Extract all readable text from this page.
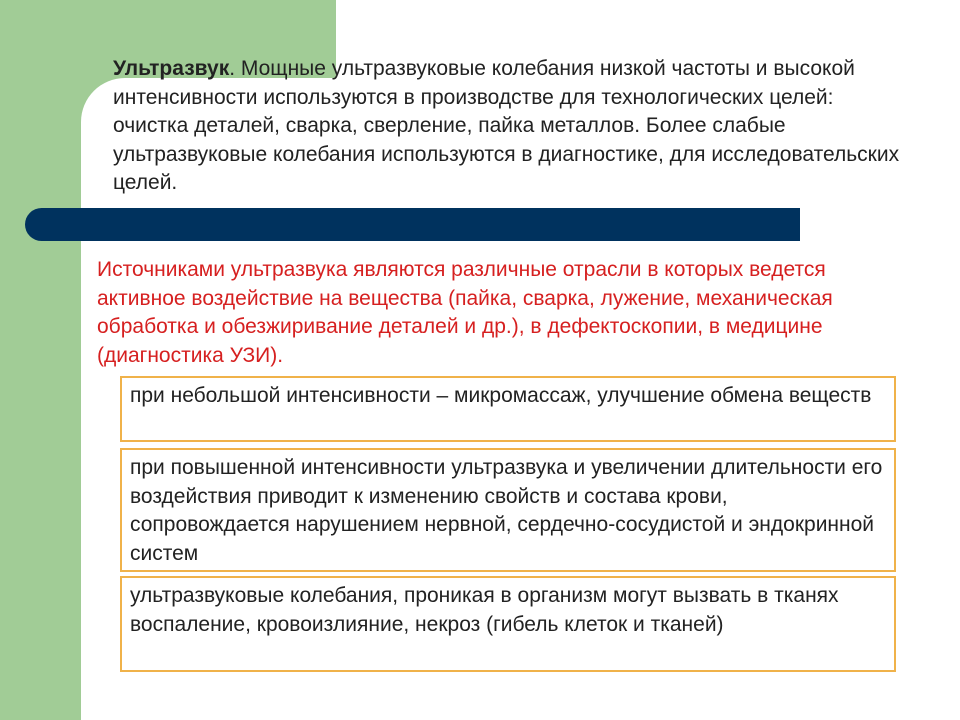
Ультразвук. Мощные ультразвуковые колебания низкой частоты и высокой интенсивности используются в производстве для технологических целей: очистка деталей, сварка, сверление, пайка металлов. Более слабые ультразвуковые колебания используются в диагностике, для исследовательских целей.

Источниками ультразвука являются различные отрасли в которых ведется активное воздействие на вещества (пайка, сварка, лужение, механическая обработка и обезжиривание деталей и др.), в дефектоскопии, в медицине (диагностика УЗИ).

при небольшой интенсивности – микромассаж, улучшение обмена веществ
при повышенной интенсивности ультразвука и увеличении длительности его воздействия приводит к изменению свойств и состава крови, сопровождается нарушением нервной, сердечно-сосудистой и эндокринной систем
ультразвуковые колебания, проникая в организм могут вызвать в тканях воспаление, кровоизлияние, некроз (гибель клеток и тканей)
